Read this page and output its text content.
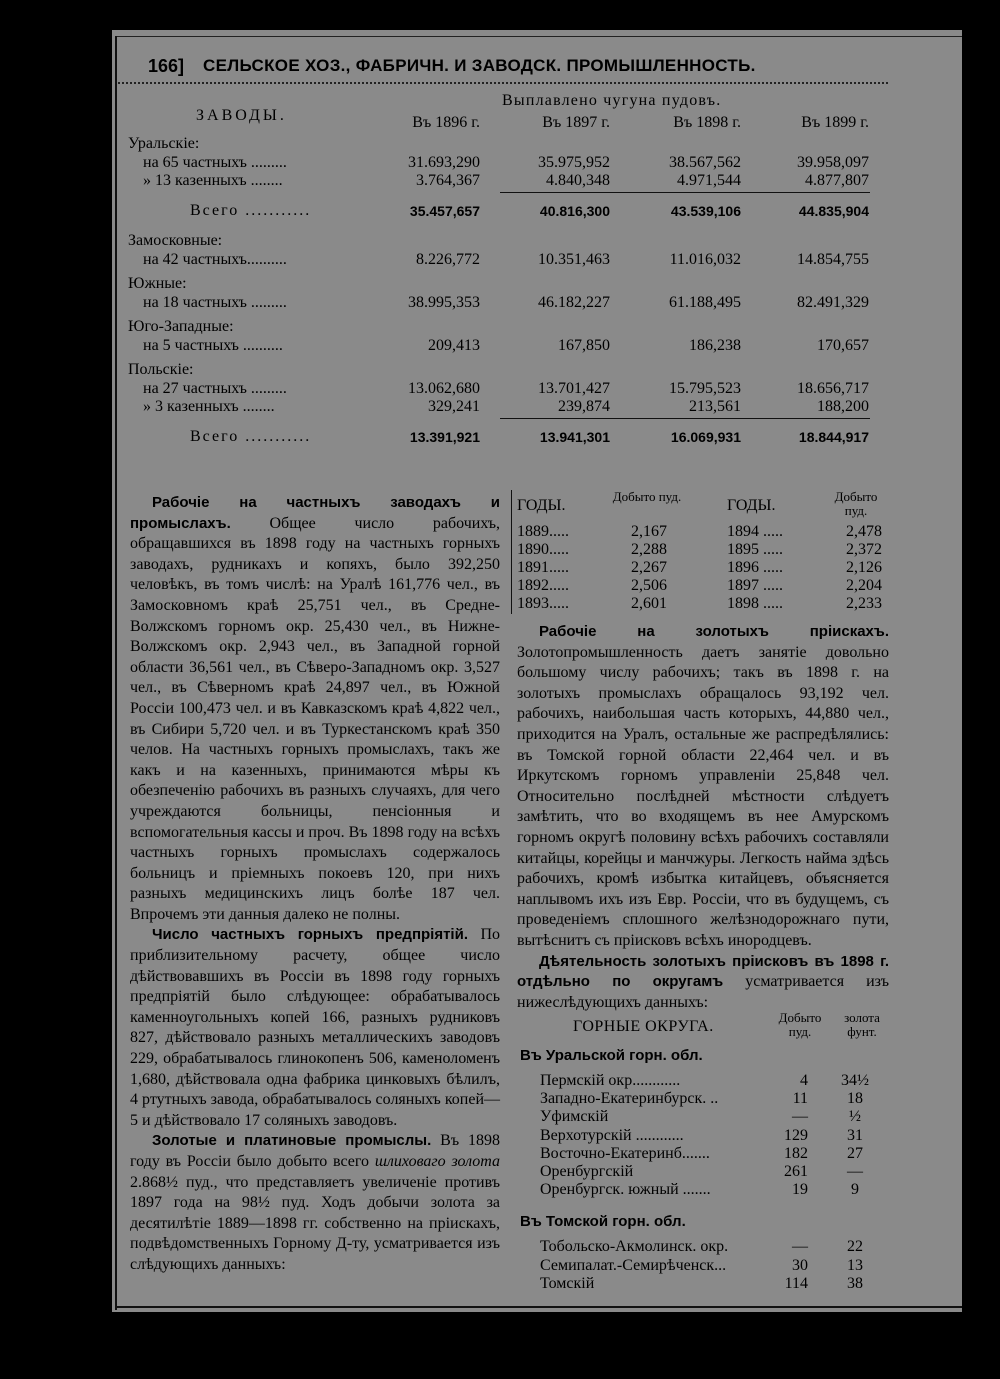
166] СЕЛЬСКОЕ ХОЗ., ФАБРИЧН. И ЗАВОДСК. ПРОМЫШЛЕННОСТЬ.
Выплавлено чугуна пудовъ.
ЗАВОДЫ.	Въ 1896 г.	Въ 1897 г.	Въ 1898 г.	Въ 1899 г.
Уральскіе:
на 65 частныхъ .........	31.693,290	35.975,952	38.567,562	39.958,097
» 13 казенныхъ ........	3.764,367	4.840,348	4.971,544	4.877,807
Всего ...........	35.457,657	40.816,300	43.539,106	44.835,904
Замосковные:
на 42 частныхъ..........	8.226,772	10.351,463	11.016,032	14.854,755
Южные:
на 18 частныхъ .........	38.995,353	46.182,227	61.188,495	82.491,329
Юго-Западные:
на 5 частныхъ ..........	209,413	167,850	186,238	170,657
Польскіе:
на 27 частныхъ .........	13.062,680	13.701,427	15.795,523	18.656,717
» 3 казенныхъ ........	329,241	239,874	213,561	188,200
Всего ...........	13.391,921	13.941,301	16.069,931	18.844,917

Рабочіе на частныхъ заводахъ и промыслахъ. Общее число рабочихъ, обращавшихся въ 1898 году на частныхъ горныхъ заводахъ, рудникахъ и копяхъ, было 392,250 человѣкъ, въ томъ числѣ: на Уралѣ 161,776 чел., въ Замосковномъ краѣ 25,751 чел., въ Средне-Волжскомъ горномъ окр. 25,430 чел., въ Нижне-Волжскомъ окр. 2,943 чел., въ Западной горной области 36,561 чел., въ Сѣверо-Западномъ окр. 3,527 чел., въ Сѣверномъ краѣ 24,897 чел., въ Южной Россіи 100,473 чел. и въ Кавказскомъ краѣ 4,822 чел., въ Сибири 5,720 чел. и въ Туркестанскомъ краѣ 350 челов. На частныхъ горныхъ промыслахъ, такъ же какъ и на казенныхъ, принимаются мѣры къ обезпеченію рабочихъ въ разныхъ случаяхъ, для чего учреждаются больницы, пенсіонныя и вспомогательныя кассы и проч. Въ 1898 году на всѣхъ частныхъ горныхъ промыслахъ содержалось больницъ и пріемныхъ покоевъ 120, при нихъ разныхъ медицинскихъ лицъ болѣе 187 чел. Впрочемъ эти данныя далеко не полны.

Число частныхъ горныхъ предпріятій. По приблизительному расчету, общее число дѣйствовавшихъ въ Россіи въ 1898 году горныхъ предпріятій было слѣдующее: обрабатывалось каменноугольныхъ копей 166, разныхъ рудниковъ 827, дѣйствовало разныхъ металлическихъ заводовъ 229, обрабатывалось глинокопенъ 506, каменоломенъ 1,680, дѣйствовала одна фабрика цинковыхъ бѣлилъ, 4 ртутныхъ завода, обрабатывалось соляныхъ копей—5 и дѣйствовало 17 соляныхъ заводовъ.

Золотые и платиновые промыслы. Въ 1898 году въ Россіи было добыто всего шлиховаго золота 2.868½ пуд., что представляетъ увеличеніе противъ 1897 года на 98½ пуд. Ходъ добычи золота за десятилѣтіе 1889—1898 гг. собственно на пріискахъ, подвѣдомственныхъ Горному Д-ту, усматривается изъ слѣдующихъ данныхъ:

ГОДЫ.
Добыто пуд.
ГОДЫ.
Добыто пуд.
1889.....	2,167
1890.....	2,288
1891.....	2,267
1892.....	2,506
1893.....	2,601
1894 .....	2,478
1895 .....	2,372
1896 .....	2,126
1897 .....	2,204
1898 .....	2,233

Рабочіе на золотыхъ пріискахъ. Золотопромышленность даетъ занятіе довольно большому числу рабочихъ; такъ въ 1898 г. на золотыхъ промыслахъ обращалось 93,192 чел. рабочихъ, наибольшая часть которыхъ, 44,880 чел., приходится на Уралъ, остальные же распредѣлялись: въ Томской горной области 22,464 чел. и въ Иркутскомъ горномъ управленіи 25,848 чел. Относительно послѣдней мѣстности слѣдуетъ замѣтить, что во входящемъ въ нее Амурскомъ горномъ округѣ половину всѣхъ рабочихъ составляли китайцы, корейцы и манчжуры. Легкость найма здѣсь рабочихъ, кромѣ избытка китайцевъ, объясняется наплывомъ ихъ изъ Евр. Россіи, что въ будущемъ, съ проведеніемъ сплошного желѣзнодорожнаго пути, вытѣснитъ съ пріисковъ всѣхъ инородцевъ.

Дѣятельность золотыхъ пріисковъ въ 1898 г. отдѣльно по округамъ усматривается изъ нижеслѣдующихъ данныхъ:

ГОРНЫЕ ОКРУГА.
Добыто пуд.
золота фунт.
Въ Уральской горн. обл.
Пермскій окр............	4	34½
Западно-Екатеринбурск. ..	11	18
Уфимскій	—	½
Верхотурскій ............	129	31
Восточно-Екатеринб.......	182	27
Оренбургскій	261	—
Оренбургск. южный .......	19	9
Въ Томской горн. обл.
Тобольско-Акмолинск. окр.	—	22
Семипалат.-Семирѣченск...	30	13
Томскій	114	38
